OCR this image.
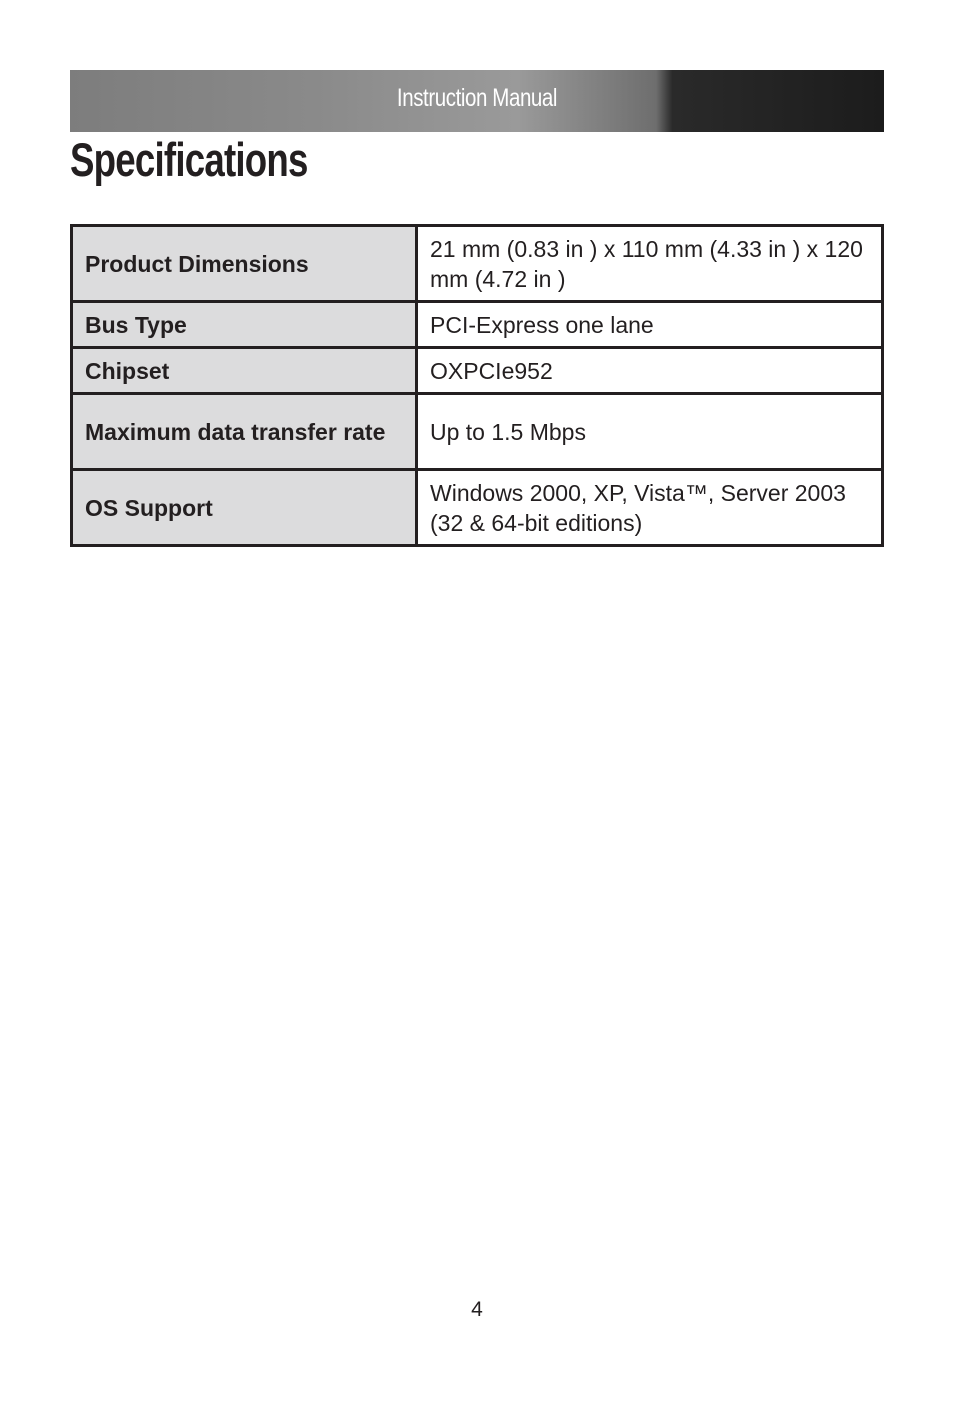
Instruction Manual
Specifications
Product Dimensions	21 mm (0.83 in ) x 110 mm (4.33 in ) x 120 mm (4.72 in )
Bus Type	PCI-Express one lane
Chipset	OXPCIe952
Maximum data transfer rate	Up to 1.5 Mbps
OS Support	Windows 2000, XP, Vista™, Server 2003 (32 & 64-bit editions)
4
